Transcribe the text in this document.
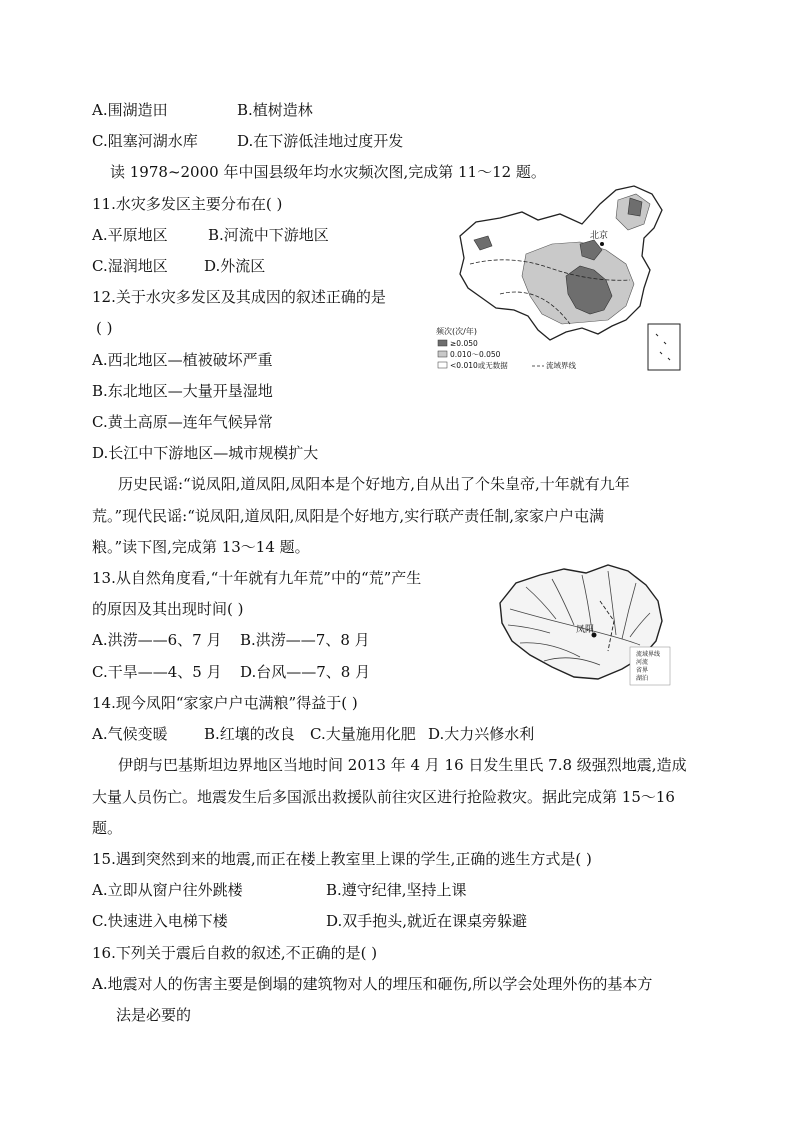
A.围湖造田	B.植树造林
C.阻塞河湖水库	D.在下游低洼地过度开发
读 1978~2000 年中国县级年均水灾频次图,完成第 11～12 题。
11.水灾多发区主要分布在( )
A.平原地区	B.河流中下游地区
C.湿润地区 D.外流区
12.关于水灾多发区及其成因的叙述正确的是
( )
A.西北地区—植被破坏严重
B.东北地区—大量开垦湿地
C.黄土高原—连年气候异常
D.长江中下游地区—城市规模扩大
历史民谣:“说凤阳,道凤阳,凤阳本是个好地方,自从出了个朱皇帝,十年就有九年
荒。”现代民谣:“说凤阳,道凤阳,凤阳是个好地方,实行联产责任制,家家户户屯满
粮。”读下图,完成第 13～14 题。
13.从自然角度看,“十年就有九年荒”中的“荒”产生
的原因及其出现时间( )
A.洪涝——6、7 月 B.洪涝——7、8 月
C.干旱——4、5 月 D.台风——7、8 月
14.现今凤阳“家家户户屯满粮”得益于( )
A.气候变暖 B.红壤的改良 C.大量施用化肥 D.大力兴修水利
伊朗与巴基斯坦边界地区当地时间 2013 年 4 月 16 日发生里氏 7.8 级强烈地震,造成
大量人员伤亡。地震发生后多国派出救援队前往灾区进行抢险救灾。据此完成第 15～16
题。
15.遇到突然到来的地震,而正在楼上教室里上课的学生,正确的逃生方式是( )
A.立即从窗户往外跳楼	B.遵守纪律,坚持上课
C.快速进入电梯下楼	D.双手抱头,就近在课桌旁躲避
16.下列关于震后自救的叙述,不正确的是( )
A.地震对人的伤害主要是倒塌的建筑物对人的埋压和砸伤,所以学会处理外伤的基本方
法是必要的
北京
频次(次/年)
≥0.050
0.010～0.050
<0.010或无数据	流域界线
凤阳
流域界线
河流
省界
湖泊
